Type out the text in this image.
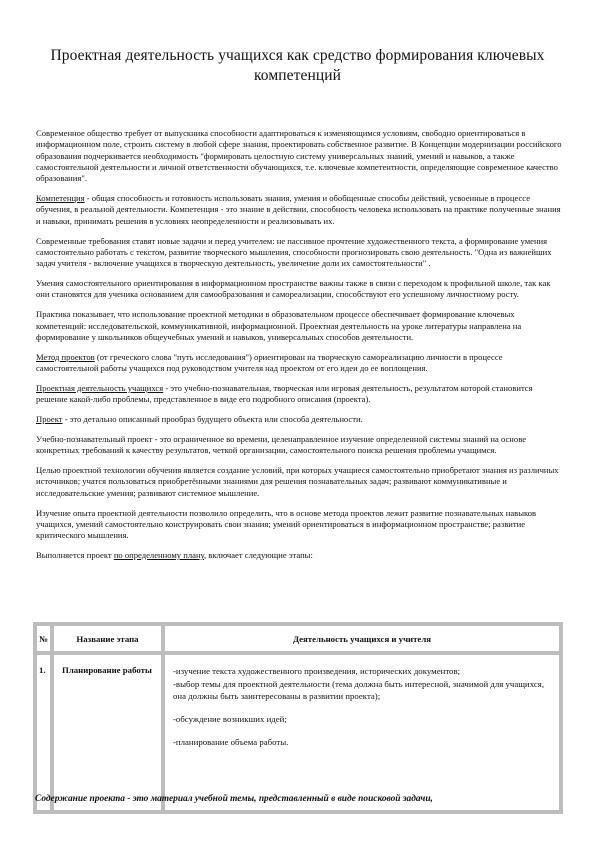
Проектная деятельность учащихся как средство формирования ключевых компетенций

Современное общество требует от выпускника способности адаптироваться к изменяющимся условиям, свободно ориентироваться в информационном поле, строить систему в любой сфере знания, проектировать собственное развитие. В Концепции модернизации российского образования подчеркивается необходимость "формировать целостную систему универсальных знаний, умений и навыков, а также самостоятельной деятельности и личной ответственности обучающихся, т.е. ключевые компетентности, определяющие современное качество образования".

Компетенция - общая способность и готовность использовать знания, умения и обобщенные способы действий, усвоенные в процессе обучения, в реальной деятельности. Компетенция - это знание в действии, способность человека использовать на практике полученные знания и навыки, принимать решения в условиях неопределенности и реализовывать их.

Современные требования ставят новые задачи и перед учителем: не пассивное прочтение художественного текста, а формирование умения самостоятельно работать с текстом, развитие творческого мышления, способности прогнозировать свою деятельность. "Одна из важнейших задач учителя - включение учащихся в творческую деятельность, увеличение доли их самостоятельности" .

Умения самостоятельного ориентирования в информационном пространстве важны также в связи с переходом к профильной школе, так как они становятся для ученика основанием для самообразования и самореализации, способствуют его успешному личностному росту.

Практика показывает, что использование проектной методики в образовательном процессе обеспечивает формирование ключевых компетенций: исследовательской, коммуникативной, информационной. Проектная деятельность на уроке литературы направлена на формирование у школьников общеучебных умений и навыков, универсальных способов деятельности.

Метод проектов (от греческого слова "путь исследования") ориентирован на творческую самореализацию личности в процессе самостоятельной работы учащихся под руководством учителя над проектом от его идеи до ее воплощения.

Проектная деятельность учащихся - это учебно-познавательная, творческая или игровая деятельность, результатом которой становится решение какой-либо проблемы, представленное в виде его подробного описания (проекта).

Проект - это детально описанный прообраз будущего объекта или способа деятельности.

Учебно-познавательный проект - это ограниченное во времени, целенаправленное изучение определенной системы знаний на основе конкретных требований к качеству результатов, четкой организации, самостоятельного поиска решения проблемы учащимся.

Целью проектной технологии обучения является создание условий, при которых учащиеся самостоятельно приобретают знания из различных источников; учатся пользоваться приобретёнными знаниями для решения познавательных задач; развивают коммуникативные и исследовательские умения; развивают системное мышление.

Изучение опыта проектной деятельности позволило определить, что в основе метода проектов лежит развитие познавательных навыков учащихся, умений самостоятельно конструировать свои знания; умений ориентироваться в информационном пространстве; развитие критического мышления.

Выполняется проект по определенному плану, включает следующие этапы:

№	Название этапа	Деятельность учащихся и учителя
1.	Планирование работы	-изучение текста художественного произведения, исторических документов;
-выбор темы для проектной деятельности (тема должна быть интересной, значимой для учащихся, она должны быть заинтересованы в развитии проекта);
-обсуждение возникших идей;
-планирование объема работы.
Содержание проекта - это материал учебной темы, представленный в виде поисковой задачи,
